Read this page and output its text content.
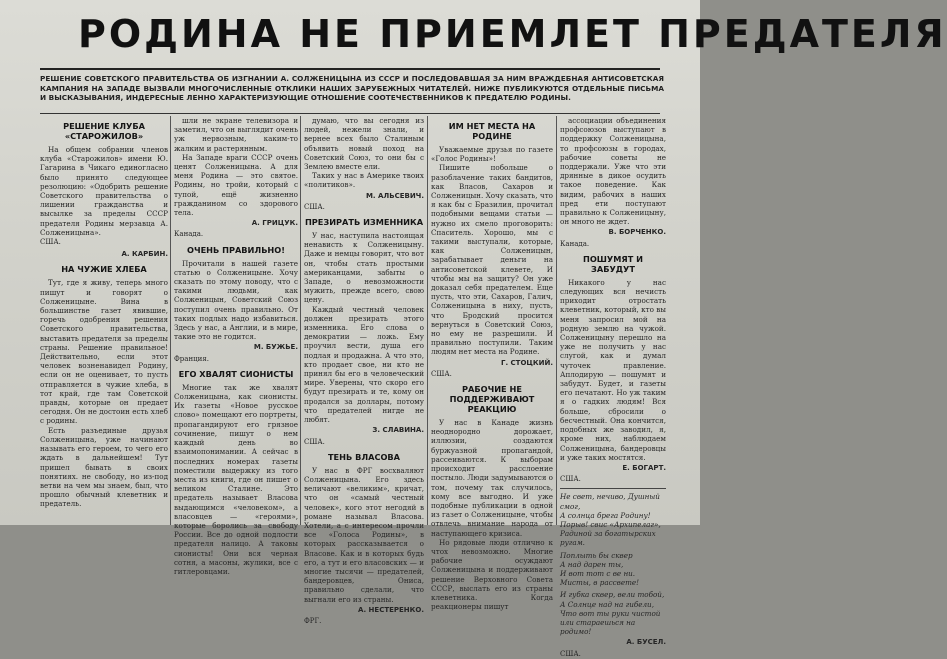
РОДИНА НЕ ПРИЕМЛЕТ ПРЕДАТЕЛЯ
РЕШЕНИЕ СОВЕТСКОГО ПРАВИТЕЛЬСТВА ОБ ИЗГНАНИИ А. СОЛЖЕНИЦЫНА ИЗ СССР И ПОСЛЕДОВАВШАЯ ЗА НИМ ВРАЖДЕБНАЯ АНТИСОВЕТСКАЯ КАМПАНИЯ НА ЗАПАДЕ ВЫЗВАЛИ МНОГОЧИСЛЕННЫЕ ОТКЛИКИ НАШИХ ЗАРУБЕЖНЫХ ЧИТАТЕЛЕЙ. НИЖЕ ПУБЛИКУЮТСЯ ОТДЕЛЬНЫЕ ПИСЬМА И ВЫСКАЗЫВАНИЯ, ИНДЕРЕСНЫЕ ЛЕННО ХАРАКТЕРИЗУЮЩИЕ ОТНОШЕНИЕ СООТЕЧЕСТВЕННИКОВ К ПРЕДАТЕЛЮ РОДИНЫ.
РЕШЕНИЕ КЛУБА «СТАРОЖИЛОВ»

На общем собрании членов клуба «Старожилов» имени Ю. Гагарина в Чикаго единогласно было принято следующее резолюцию: «Одобрить решение Советского правительства о лишении гражданства и высылке за пределы СССР предателя Родины мерзавца А. Солженицына».

США.
А. КАРБИН.
НА ЧУЖИЕ ХЛЕБА

Тут, где я живу, теперь много пишут и говорят о Солженицыне. Вина в большинстве газет явившие, горечь одобрения решения Советского правительства, выставить предателя за пределы страны. Решение правильное! Действительно, если этот человек возненавидел Родину, если он не оценивает, то пусть отправляется в чужие хлеба, в тот край, где там Советской правды, которые он предает сегодня. Он не достоин есть хлеб с родины.

Есть разъединые друзья Солженицына, уже начинают называть его героем, то чего его ждать в дальнейшем! Тут пришел бывать в своих понятиях. не свободу, но из-под ветви на чем мы знаем, был, что прошло обычный клеветник и предатель.

шли не экране телевизора и заметил, что он выглядит очень уж нервозным, каким-то жалким и растерянным.

На Западе враги СССР очень ценят Солженицына. А для меня Родина — это святое. Родины, но тройи, который с тупой, ещё жизненно гражданином со здорового тела.

А. ГРИЦУК.
Канада.
ОЧЕНЬ ПРАВИЛЬНО!

Прочитали в нашей газете статью о Солженицыне. Хочу сказать по этому поводу, что с такими людьми, как Солженицын, Советский Союз поступил очень правильно. От таких подлых надо избавиться. Здесь у нас, а Англии, и в мире, такие это не годится.

М. БУЖЬЕ.
Франция.
ЕГО ХВАЛЯТ СИОНИСТЫ

Многие так же хвалят Солженицына, как сионисты. Их газеты «Новое русское слово» помещают его портреты, пропагандируют его грязное сочинение, пишут о нем каждый день во взаимопонимании. А сейчас в последних номерах газеты поместили выдержку из того места из книги, где он пишет о великом Сталине. Это предатель называет Власова выдающимся «человеком», а власовцев — «героями», которые боролись за свободу России. Все до одной подлости предателя налицо. А таковы сионисты! Они вся черная сотня, а масоны, жулики, все с гитлеровцами.

думаю, что вы сегодня из людей, нежели знали, и вернее всех было Сталиным объявить новый поход на Советский Союз, то они бы с Землею вместе ели.

Таких у нас в Америке твоих «политиков».

М. АЛЬСЕВИЧ.
США.
ПРЕЗИРАТЬ ИЗМЕННИКА

У нас, наступила настоящая ненависть к Солженицыну. Даже и немцы говорят, что вот он, чтобы стать простыми американцами, забыты о Западе, о невозможности мужить, прежде всего, свою цену.

Каждый честный человек должен презирать этого изменника. Его слова о демократии — ложь. Ему проучил вести, душа его подлая и продажна. А что это, кто продает свое, ни кто не принял бы его в человеческий мире. Уверены, что скоро его будут презирать и те, кому он продался за доллары, потому что предателей нигде не любят.

З. СЛАВИНА.
США.
ТЕНЬ ВЛАСОВА

У нас в ФРГ восхваляют Солженицына. Его здесь величают «великим», кричат, что он «самый честный человек», кого этот негодяй в романе называл Власова. Хотели, а с интересом прочли все «Голоса Родины», в которых рассказывается о Власове. Как и в которых будь его, а тут и его власовских — и многие тысячи — предателей, бандеровцев, Ониса, правильно сделали, что выгнали его из страны.

А. НЕСТЕРЕНКО.
ФРГ.
ИМ НЕТ МЕСТА НА РОДИНЕ

Уважаемые друзья по газете «Голос Родины»!

Пишите побольше о разоблачение таких бандитов, как Власов, Сахаров и Солженицын. Хочу сказать, что я как бы с Бразилия, прочитал подобными вещами статьи — нужно их смело проговорить: Спаситель. Хорошо, мы с такими выступали, которые, как Солженицын, зарабатывает деньги на антисоветской клевете, И чтобы мы на защиту? Он уже доказал себя предателем. Еще пусть, что эти, Сахаров, Галич, Солженицына в ниху, пусть, что Бродский просится вернуться в Советский Союз, но ему не разрешили. И правильно поступили. Таким людям нет места на Родине.

Г. СТОЦКИЙ.
США.
РАБОЧИЕ НЕ ПОДДЕРЖИВАЮТ РЕАКЦИЮ

У нас в Канаде жизнь неоднородно дорожает, иллюзии, создаются буржуазной пропагандой, рассеиваются. К выборам происходит расслоение постыло. Люди задумываются о том, почему так случилось, кому все выгодно. И уже подобные публикации в одной из газет о Солженицыне, чтобы отвлечь внимание народа от наступающего кризиса.

Но рядовые люди отлично к чтох невозможно. Многие рабочие осуждают Солженицына и поддерживают решение Верховного Совета СССР, выслать его из страны клеветника. Когда реакционеры пишут

ассоциации объединения профсоюзов выступают в поддержку Солженицына, то профсоюзы в городах, рабочие советы не поддержали. Уже что эти дрянные в дикое осудить такое поведение. Как видим, рабочих в наших пред ети поступают правильно к Солженицыну, он много не ждет.

В. БОРЧЕНКО.
Канада.
ПОШУМЯТ И ЗАБУДУТ

Никакого у нас следующих вся нечисть приходит отростать клеветник, который, кто вы меня запросил мой на родную землю на чужой. Солженицыну перешло на уже не получить у нас слугой, как и думал чуточек правление. Аплодирую — пошумят и забудут. Будет, и газеты его печатают. Но уж таким я о гадких людям! Вся больше, сбросили о бесчестный. Она кончится, подобных же заводил, я, кроме них, наблюдаем Солженицына, бандеровцы и уже таких мостятся.

Е. БОГАРТ.
США.

Не свет, нечиво, Душный смог,
А солнца брега Родину!
Порыв! свис «Архипелаг»,
Радиной за богатырских ругам.

Поплыть бы сквер
А над дарен ты,
И вот тот с ве ни.
Мисты, в рассвете!

И губка сквер, вели тобой,
А Солнце над на гибели,
Что вот ты руки чистой
или стараешься на родимо!

А. БУСЕЛ.
США.
